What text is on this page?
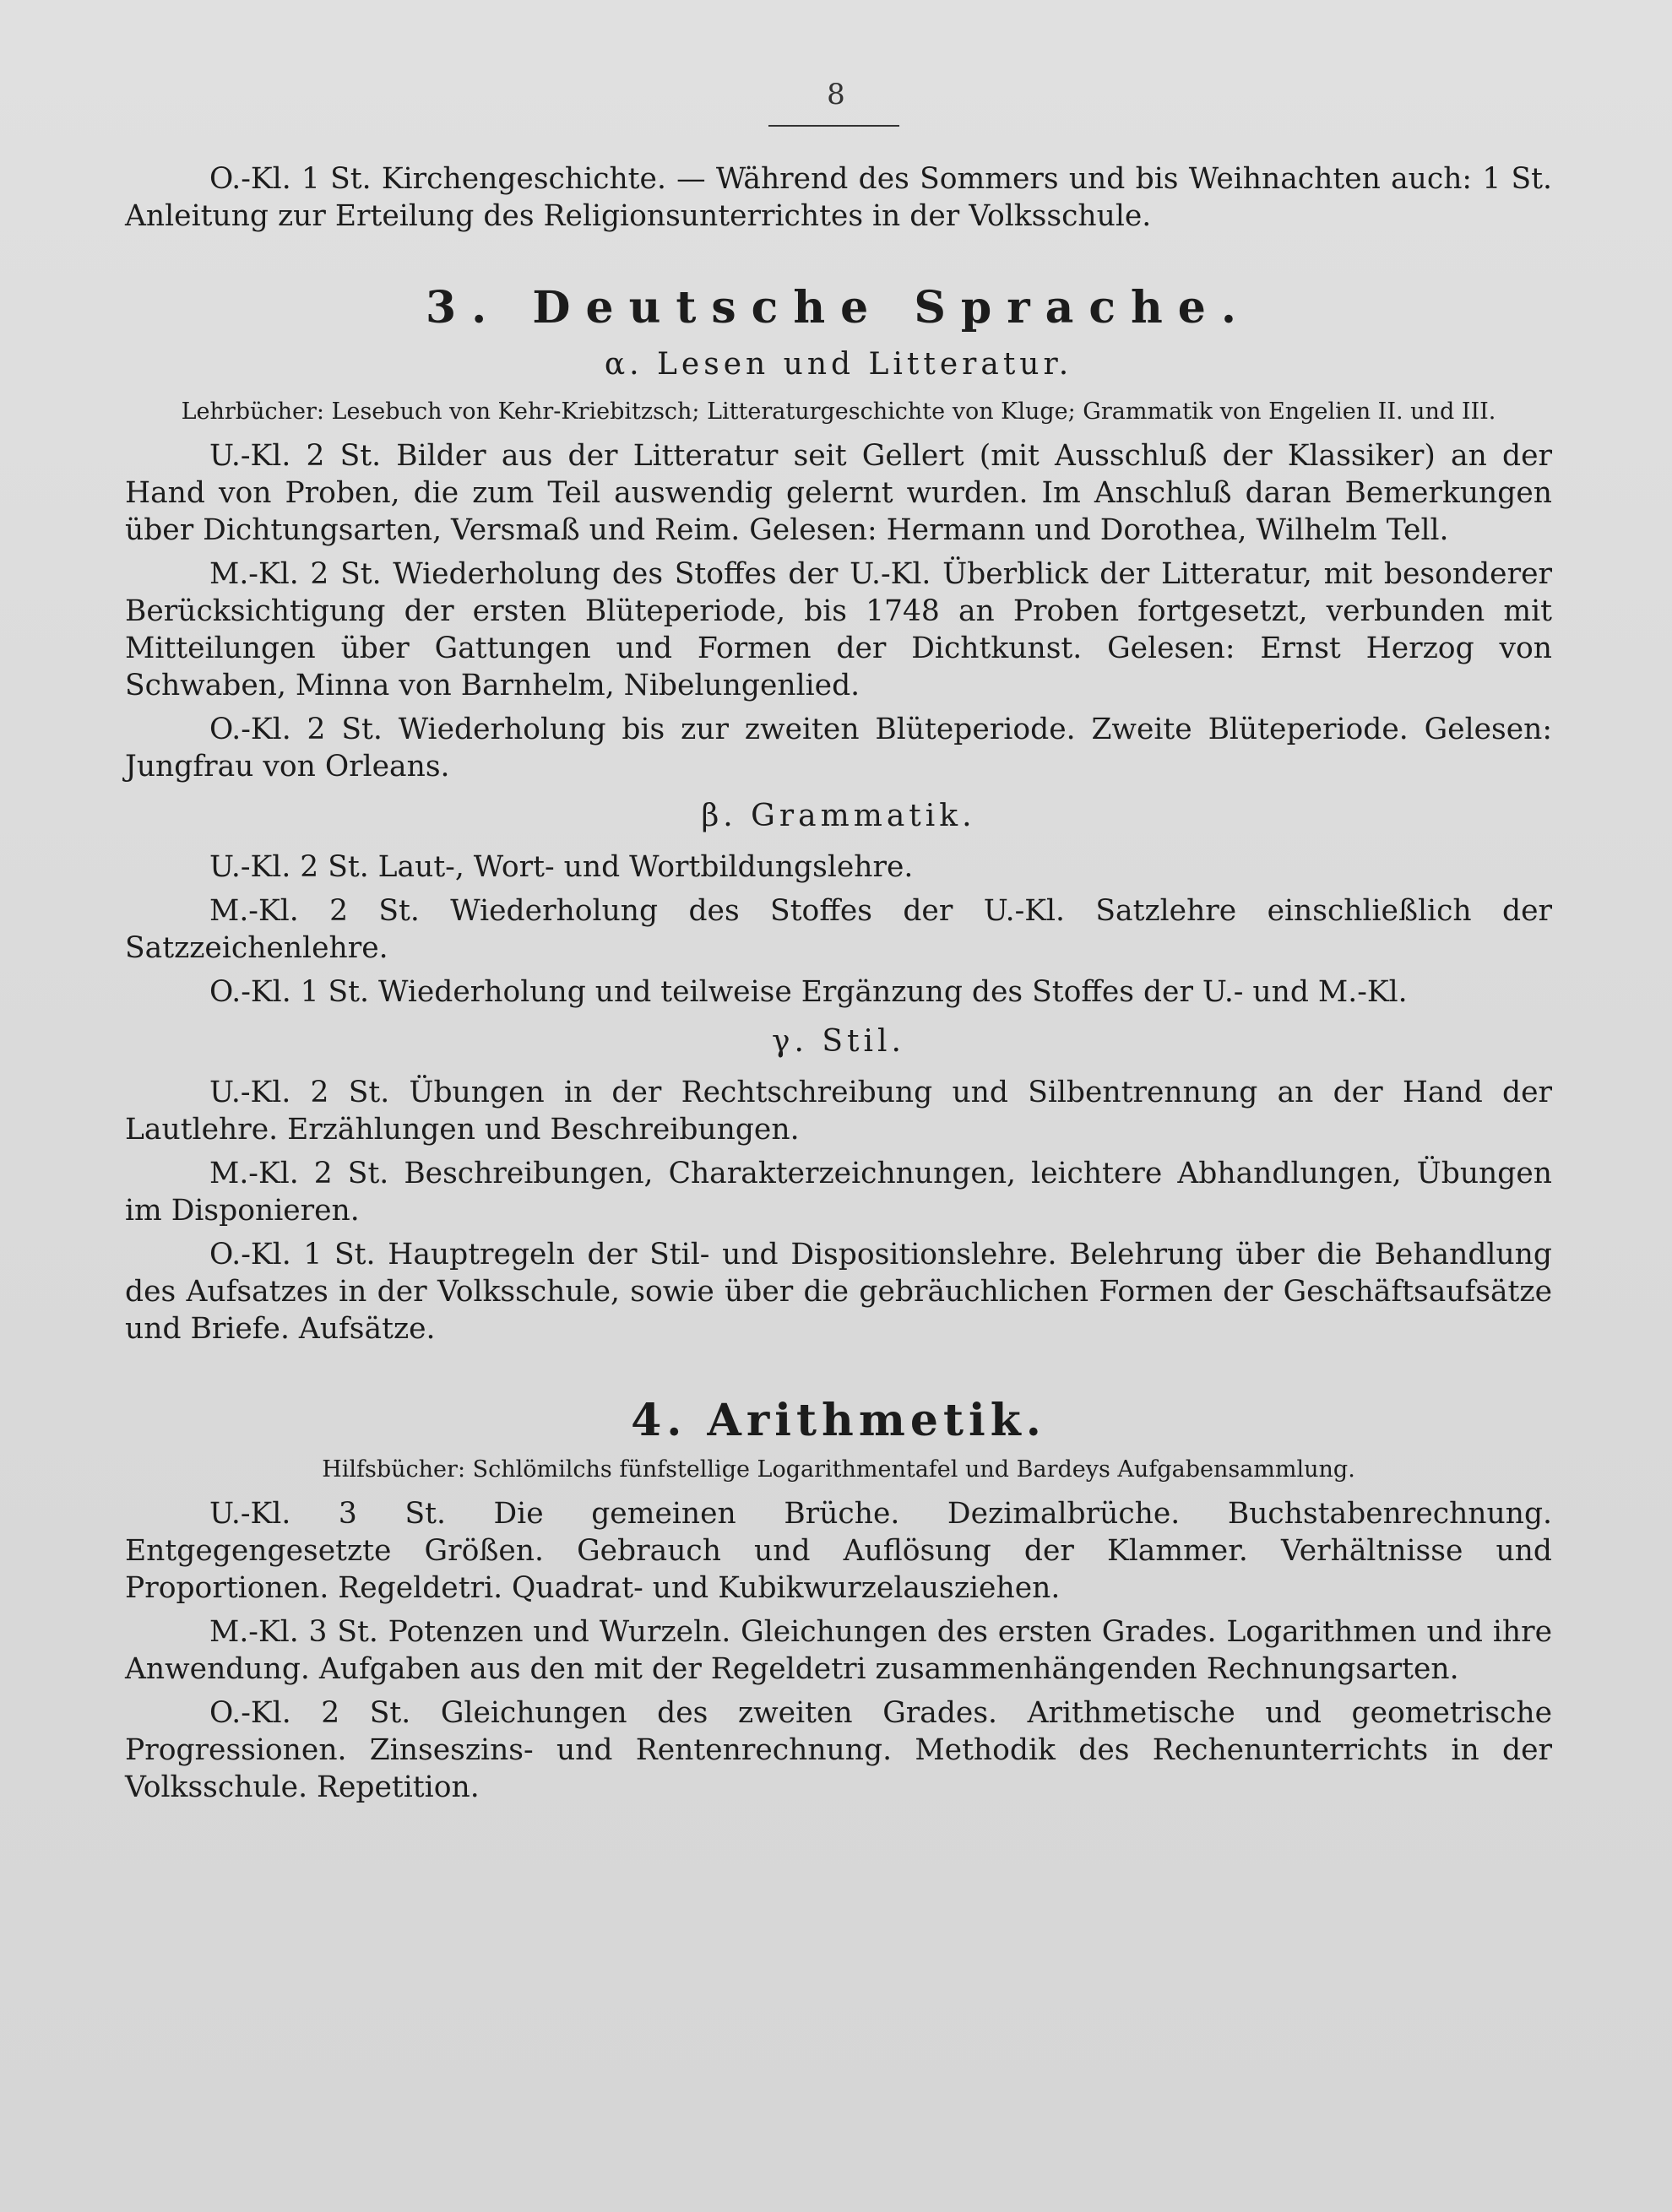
8

O.-Kl. 1 St. Kirchengeschichte. — Während des Sommers und bis Weihnachten auch: 1 St. Anleitung zur Erteilung des Religionsunterrichtes in der Volksschule.

3. Deutsche Sprache.
α. Lesen und Litteratur.
Lehrbücher: Lesebuch von Kehr-Kriebitzsch; Litteraturgeschichte von Kluge; Grammatik von Engelien II. und III.

U.-Kl. 2 St. Bilder aus der Litteratur seit Gellert (mit Ausschluß der Klassiker) an der Hand von Proben, die zum Teil auswendig gelernt wurden. Im Anschluß daran Bemerkungen über Dichtungsarten, Versmaß und Reim. Gelesen: Hermann und Dorothea, Wilhelm Tell.

M.-Kl. 2 St. Wiederholung des Stoffes der U.-Kl. Überblick der Litteratur, mit besonderer Berücksichtigung der ersten Blüteperiode, bis 1748 an Proben fortgesetzt, verbunden mit Mitteilungen über Gattungen und Formen der Dichtkunst. Gelesen: Ernst Herzog von Schwaben, Minna von Barnhelm, Nibelungenlied.

O.-Kl. 2 St. Wiederholung bis zur zweiten Blüteperiode. Zweite Blüteperiode. Gelesen: Jungfrau von Orleans.

β. Grammatik.

U.-Kl. 2 St. Laut-, Wort- und Wortbildungslehre.

M.-Kl. 2 St. Wiederholung des Stoffes der U.-Kl. Satzlehre einschließlich der Satzzeichenlehre.

O.-Kl. 1 St. Wiederholung und teilweise Ergänzung des Stoffes der U.- und M.-Kl.

γ. Stil.

U.-Kl. 2 St. Übungen in der Rechtschreibung und Silbentrennung an der Hand der Lautlehre. Erzählungen und Beschreibungen.

M.-Kl. 2 St. Beschreibungen, Charakterzeichnungen, leichtere Abhandlungen, Übungen im Disponieren.

O.-Kl. 1 St. Hauptregeln der Stil- und Dispositionslehre. Belehrung über die Behandlung des Aufsatzes in der Volksschule, sowie über die gebräuchlichen Formen der Geschäftsaufsätze und Briefe. Aufsätze.

4. Arithmetik.
Hilfsbücher: Schlömilchs fünfstellige Logarithmentafel und Bardeys Aufgabensammlung.

U.-Kl. 3 St. Die gemeinen Brüche. Dezimalbrüche. Buchstabenrechnung. Entgegengesetzte Größen. Gebrauch und Auflösung der Klammer. Verhältnisse und Proportionen. Regeldetri. Quadrat- und Kubikwurzelausziehen.

M.-Kl. 3 St. Potenzen und Wurzeln. Gleichungen des ersten Grades. Logarithmen und ihre Anwendung. Aufgaben aus den mit der Regeldetri zusammenhängenden Rechnungsarten.

O.-Kl. 2 St. Gleichungen des zweiten Grades. Arithmetische und geometrische Progressionen. Zinseszins- und Rentenrechnung. Methodik des Rechenunterrichts in der Volksschule. Repetition.
